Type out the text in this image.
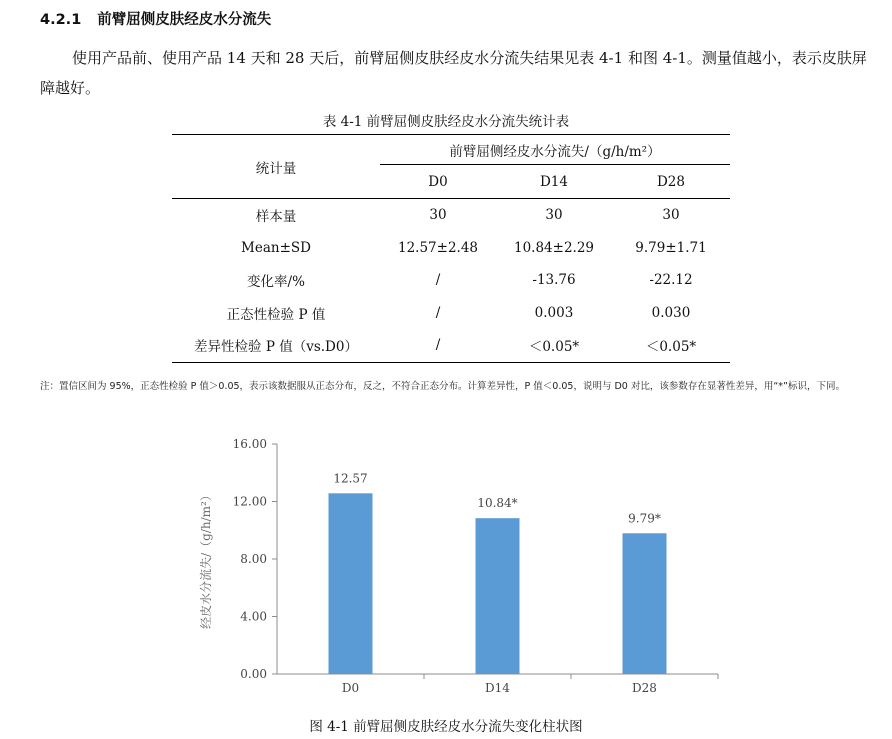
4.2.1 前臂屈侧皮肤经皮水分流失
使用产品前、使用产品 14 天和 28 天后，前臂屈侧皮肤经皮水分流失结果见表 4-1 和图 4-1。测量值越小，表示皮肤屏障越好。
表 4-1 前臂屈侧皮肤经皮水分流失统计表
统计量	前臂屈侧经皮水分流失/（g/h/m²）		
	D0	D14	D28
样本量	30	30	30
Mean±SD	12.57±2.48	10.84±2.29	9.79±1.71
变化率/%	/	-13.76	-22.12
正态性检验 P 值	/	0.003	0.030
差异性检验 P 值（vs.D0）	/	＜0.05*	＜0.05*
注：置信区间为 95%，正态性检验 P 值＞0.05，表示该数据服从正态分布，反之，不符合正态分布。计算差异性，P 值＜0.05，说明与 D0 对比，该参数存在显著性差异，用“*”标识，下同。
0.00
4.00
8.00
12.00
16.00
12.57
10.84*
9.79*
D0	D14	D28
经皮水分流失/（g/h/m²）
图 4-1 前臂屈侧皮肤经皮水分流失变化柱状图
